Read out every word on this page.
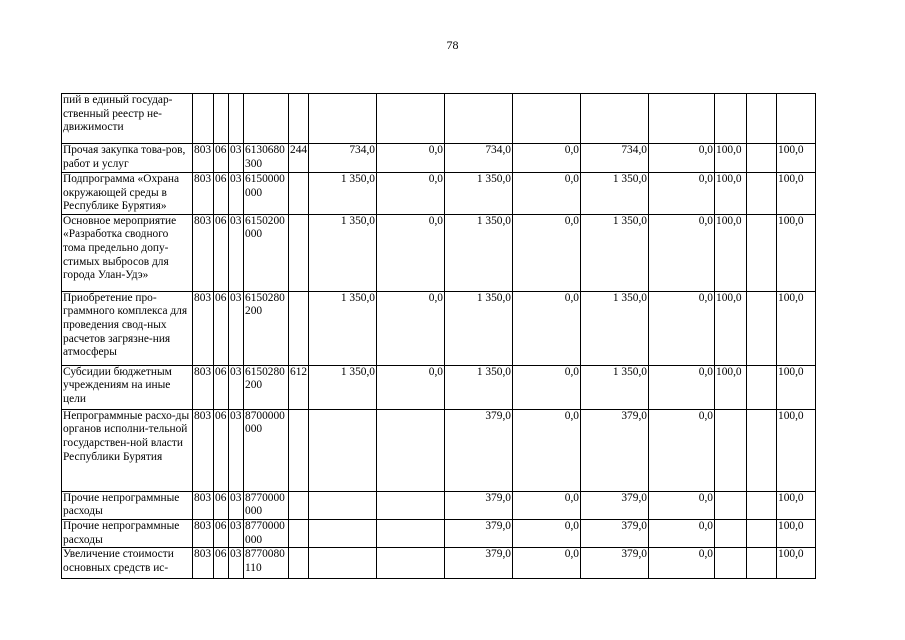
78
пий в единый государ-ственный реестр не-движимости														
Прочая закупка това-ров, работ и услуг	803	06	03	6130680 300	244	734,0	0,0	734,0	0,0	734,0	0,0	100,0		100,0
Подпрограмма «Охрана окружающей среды в Республике Бурятия»	803	06	03	6150000 000		1 350,0	0,0	1 350,0	0,0	1 350,0	0,0	100,0		100,0
Основное мероприятие «Разработка сводного тома предельно допу-стимых выбросов для города Улан-Удэ»	803	06	03	6150200 000		1 350,0	0,0	1 350,0	0,0	1 350,0	0,0	100,0		100,0
Приобретение про-граммного комплекса для проведения свод-ных расчетов загрязне-ния атмосферы	803	06	03	6150280 200		1 350,0	0,0	1 350,0	0,0	1 350,0	0,0	100,0		100,0
Субсидии бюджетным учреждениям на иные цели	803	06	03	6150280 200	612	1 350,0	0,0	1 350,0	0,0	1 350,0	0,0	100,0		100,0
Непрограммные расхо-ды органов исполни-тельной государствен-ной власти Республики Бурятия	803	06	03	8700000 000				379,0	0,0	379,0	0,0			100,0
Прочие непрограммные расходы	803	06	03	8770000 000				379,0	0,0	379,0	0,0			100,0
Прочие непрограммные расходы	803	06	03	8770000 000				379,0	0,0	379,0	0,0			100,0
Увеличение стоимости основных средств ис-	803	06	03	8770080 110				379,0	0,0	379,0	0,0			100,0
